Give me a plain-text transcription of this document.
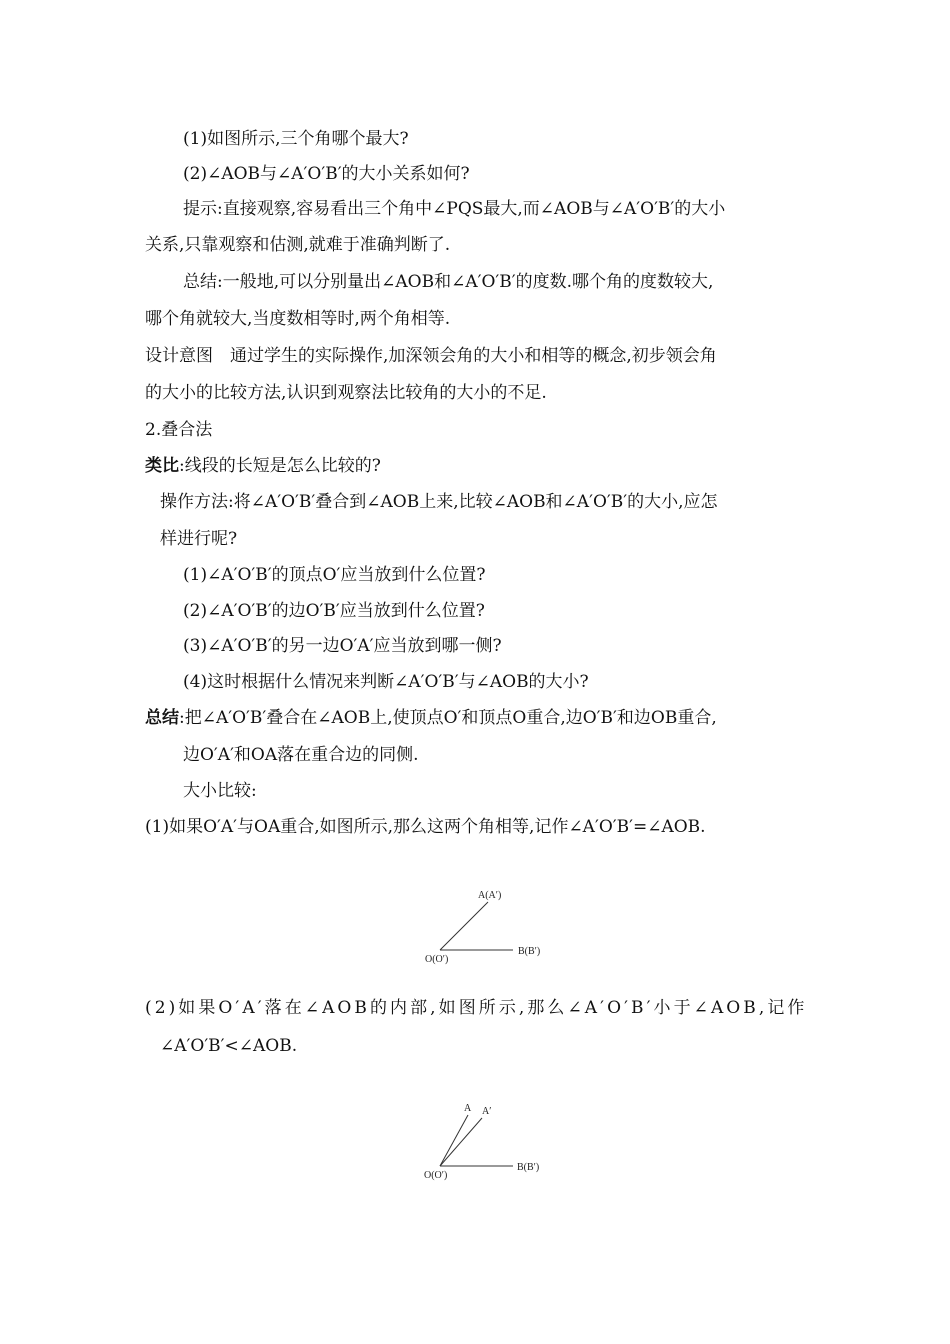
(1)如图所示,三个角哪个最大?
(2)∠AOB与∠A′O′B′的大小关系如何?
提示:直接观察,容易看出三个角中∠PQS最大,而∠AOB与∠A′O′B′的大小
关系,只靠观察和估测,就难于准确判断了.
总结:一般地,可以分别量出∠AOB和∠A′O′B′的度数.哪个角的度数较大,
哪个角就较大,当度数相等时,两个角相等.
设计意图　通过学生的实际操作,加深领会角的大小和相等的概念,初步领会角
的大小的比较方法,认识到观察法比较角的大小的不足.
2.叠合法
类比:线段的长短是怎么比较的?
操作方法:将∠A′O′B′叠合到∠AOB上来,比较∠AOB和∠A′O′B′的大小,应怎
样进行呢?
(1)∠A′O′B′的顶点O′应当放到什么位置?
(2)∠A′O′B′的边O′B′应当放到什么位置?
(3)∠A′O′B′的另一边O′A′应当放到哪一侧?
(4)这时根据什么情况来判断∠A′O′B′与∠AOB的大小?
总结:把∠A′O′B′叠合在∠AOB上,使顶点O′和顶点O重合,边O′B′和边OB重合,
边O′A′和OA落在重合边的同侧.
大小比较:
(1)如果O′A′与OA重合,如图所示,那么这两个角相等,记作∠A′O′B′=∠AOB.
A(A′)
B(B′)
O(O′)
( 2 ) 如 果 O ′ A ′ 落 在 ∠ A O B 的 内 部 , 如 图 所 示 , 那 么 ∠ A ′ O ′ B ′ 小 于 ∠ A O B , 记 作
∠A′O′B′<∠AOB.
A A′
B(B′)
O(O′)
